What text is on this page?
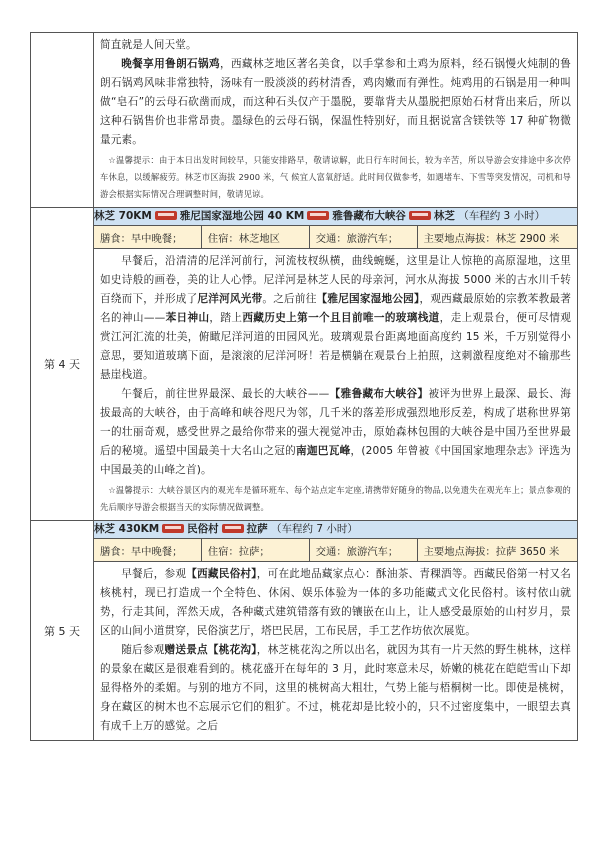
简直就是人间天堂。

晚餐享用鲁朗石锅鸡，西藏林芝地区著名美食，以手掌参和土鸡为原料，经石锅慢火炖制的鲁朗石锅鸡风味非常独特，汤味有一股淡淡的药材清香，鸡肉嫩而有弹性。炖鸡用的石锅是用一种叫做“皂石”的云母石砍凿而成，而这种石头仅产于墨脱，要靠背夫从墨脱把原始石材背出来后，所以这种石锅售价也非常昂贵。墨绿色的云母石锅，保温性特别好，而且据说富含镁铁等 17 种矿物微量元素。

☆温馨提示：由于本日出发时间较早，只能安排路早，敬请谅解，此日行车时间长，较为辛苦，所以导游会安排途中多次停车休息，以缓解疲劳。林芝市区海拔 2900 米，气 候宜人富氧舒适。此时间仅做参考，如遇堵车、下雪等突发情况，司机和导游会根据实际情况合理调整时间，敬请见谅。

第 4 天	林芝 70KM	雅尼国家湿地公园 40 KM	雅鲁藏布大峡谷	林芝 （车程约 3 小时）

膳食：早中晚餐；	住宿：林芝地区	交通：旅游汽车；	主要地点海拔：林芝 2900 米

早餐后，沿清清的尼洋河前行，河流枝杈纵横，曲线蜿蜒，这里是让人惊艳的高原湿地，这里如史诗般的画卷，美的让人心悸。尼洋河是林芝人民的母亲河，河水从海拔 5000 米的古水川千转百绕而下，并形成了尼洋河风光带。之后前往【雅尼国家湿地公园】，观西藏最原始的宗教苯教最著名的神山——苯日神山，踏上西藏历史上第一个且目前唯一的玻璃栈道，走上观景台，便可尽情观赏江河汇流的壮美，俯瞰尼洋河道的田园风光。玻璃观景台距离地面高度约 15 米，千万别觉得小意思，要知道玻璃下面，是滚滚的尼洋河呀！若是横躺在观景台上拍照，这刺激程度绝对不输那些悬崖栈道。

午餐后，前往世界最深、最长的大峡谷——【雅鲁藏布大峡谷】被评为世界上最深、最长、海拔最高的大峡谷，由于高峰和峡谷咫尺为邻，几千米的落差形成强烈地形反差，构成了堪称世界第一的壮丽奇观，感受世界之最给你带来的强大视觉冲击，原始森林包围的大峡谷是中国乃至世界最后的秘境。遥望中国最美十大名山之冠的南迦巴瓦峰，(2005 年曾被《中国国家地理杂志》评选为中国最美的山峰之首)。

☆温馨提示：大峡谷景区内的观光车是循环班车、每个站点定车定座,请携带好随身的物品,以免遗失在观光车上；景点参观的先后顺序导游会根据当天的实际情况做调整。

第 5 天	林芝 430KM	民俗村	拉萨 （车程约 7 小时）

膳食：早中晚餐；	住宿：拉萨；	交通：旅游汽车；	主要地点海拔：拉萨 3650 米

早餐后，参观【西藏民俗村】，可在此地品藏家点心：酥油茶、青稞酒等。西藏民俗第一村又名核桃村，现已打造成一个全特色、休闲、娱乐体验为一体的多功能藏式文化民俗村。该村依山就势，行走其间，浑然天成，各种藏式建筑错落有致的镶嵌在山上，让人感受最原始的山村岁月，景区的山间小道贯穿，民俗演艺厅，塔巴民居，工布民居，手工艺作坊依次展览。

随后参观赠送景点【桃花沟】，林芝桃花沟之所以出名，就因为其有一片天然的野生桃林，这样的景象在藏区是很难看到的。桃花盛开在每年的 3 月，此时寒意未尽，娇嫩的桃花在皑皑雪山下却显得格外的柔媚。与别的地方不同，这里的桃树高大粗壮，气势上能与梧桐树一比。即使是桃树，身在藏区的树木也不忘展示它们的粗犷。不过，桃花却是比较小的，只不过密度集中，一眼望去真有成千上万的感觉。之后
